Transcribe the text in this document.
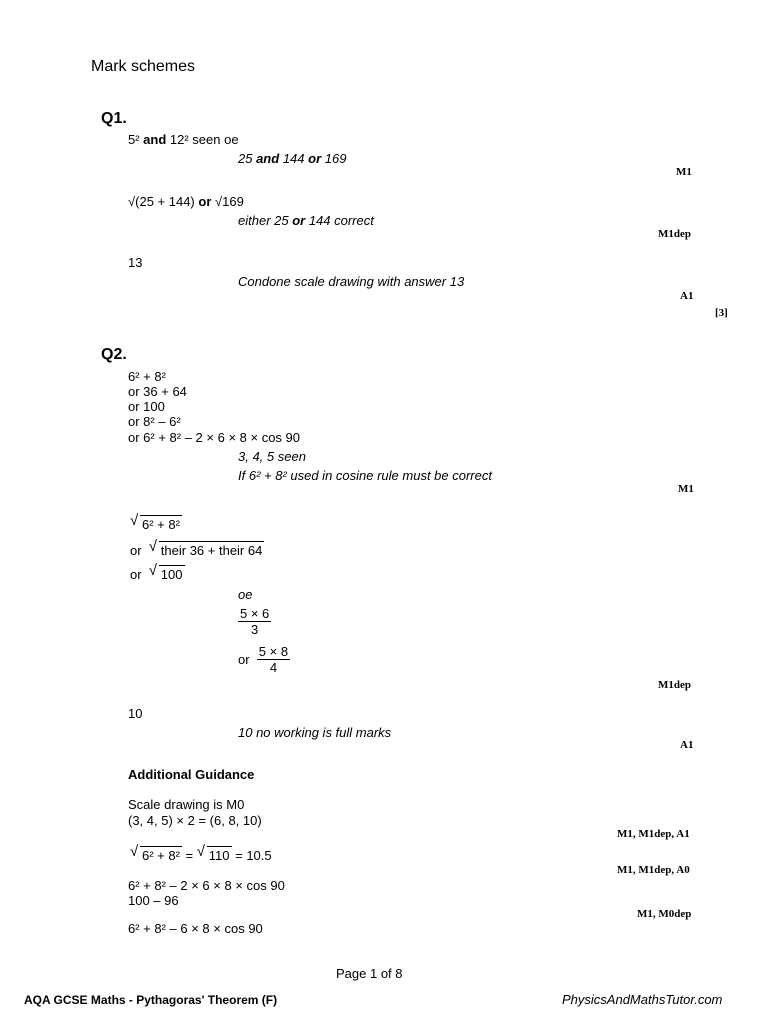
Mark schemes
Q1.
5² and 12² seen oe
25 and 144 or 169
M1
√(25 + 144) or √169
either 25 or 144 correct
M1dep
13
Condone scale drawing with answer 13
A1
[3]
Q2.
6² + 8²
or 36 + 64
or 100
or 8² – 6²
or 6² + 8² – 2 × 6 × 8 × cos 90
3, 4, 5 seen
If 6² + 8² used in cosine rule must be correct
M1
√ 6² + 8²
or √ their 36 + their 64
or √ 100
oe
$\frac{5 \times 6}{3}$
or $\frac{5 \times 8}{4}$
M1dep
10
10 no working is full marks
A1
Additional Guidance
Scale drawing is M0
(3, 4, 5) × 2 = (6, 8, 10)
M1, M1dep, A1
√ 6² + 8² = √ 110 = 10.5
M1, M1dep, A0
6² + 8² – 2 × 6 × 8 × cos 90
100 – 96
M1, M0dep
6² + 8² – 6 × 8 × cos 90
Page 1 of 8
AQA GCSE Maths - Pythagoras' Theorem (F)	PhysicsAndMathsTutor.com
